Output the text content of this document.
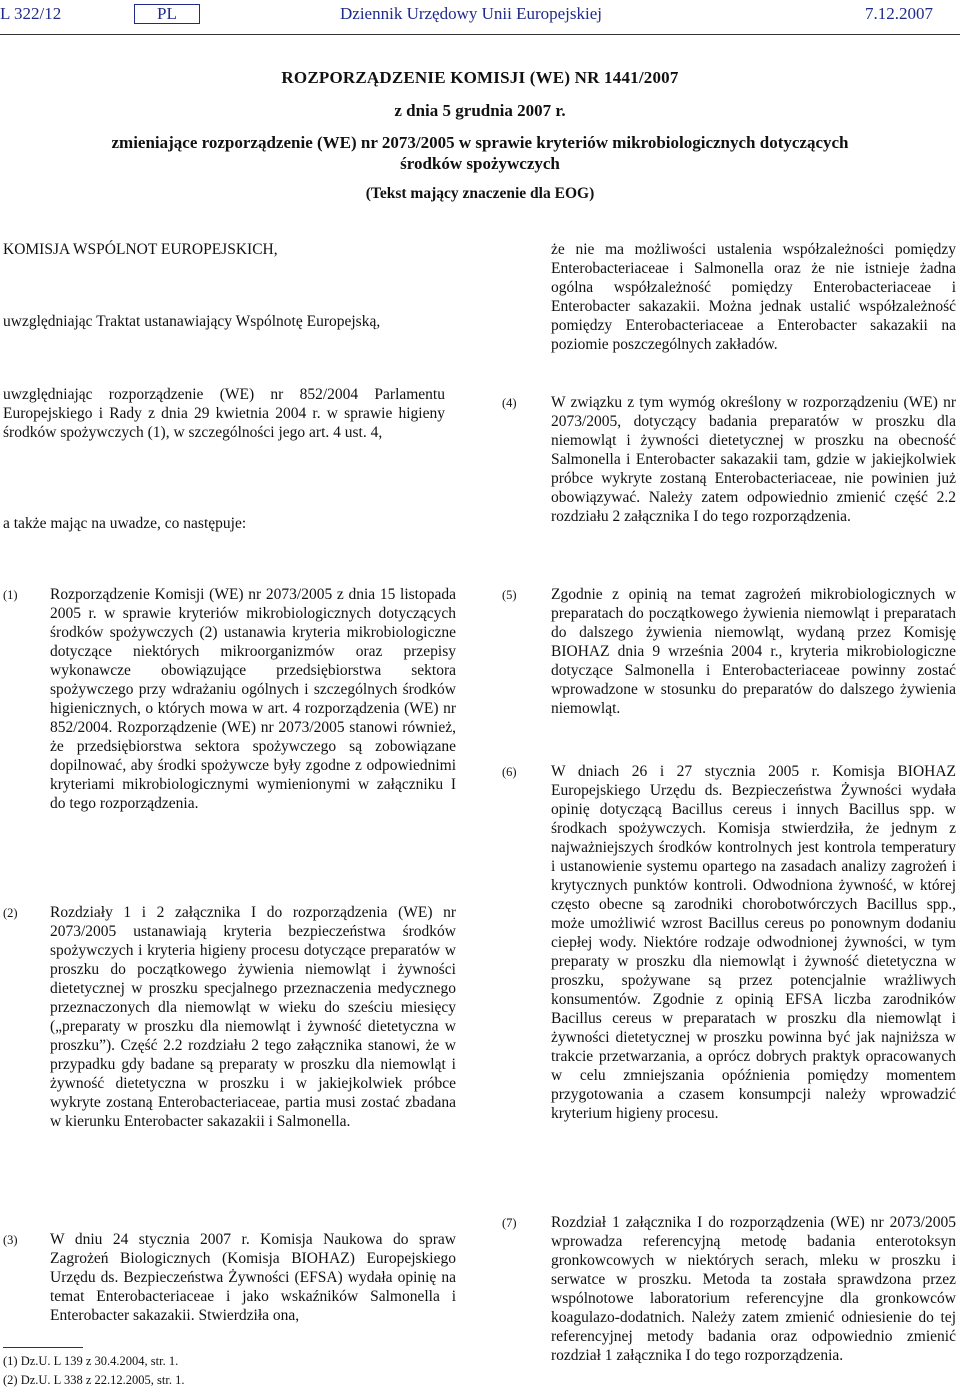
L 322/12	PL	Dziennik Urzędowy Unii Europejskiej	7.12.2007
ROZPORZĄDZENIE KOMISJI (WE) NR 1441/2007
z dnia 5 grudnia 2007 r.
zmieniające rozporządzenie (WE) nr 2073/2005 w sprawie kryteriów mikrobiologicznych dotyczących środków spożywczych
(Tekst mający znaczenie dla EOG)
KOMISJA WSPÓLNOT EUROPEJSKICH,
uwzględniając Traktat ustanawiający Wspólnotę Europejską,
uwzględniając rozporządzenie (WE) nr 852/2004 Parlamentu Europejskiego i Rady z dnia 29 kwietnia 2004 r. w sprawie higieny środków spożywczych (1), w szczególności jego art. 4 ust. 4,
a także mając na uwadze, co następuje:
(1) Rozporządzenie Komisji (WE) nr 2073/2005 z dnia 15 listopada 2005 r. w sprawie kryteriów mikrobiologicznych dotyczących środków spożywczych (2) ustanawia kryteria mikrobiologiczne dotyczące niektórych mikroorganizmów oraz przepisy wykonawcze obowiązujące przedsiębiorstwa sektora spożywczego przy wdrażaniu ogólnych i szczególnych środków higienicznych, o których mowa w art. 4 rozporządzenia (WE) nr 852/2004. Rozporządzenie (WE) nr 2073/2005 stanowi również, że przedsiębiorstwa sektora spożywczego są zobowiązane dopilnować, aby środki spożywcze były zgodne z odpowiednimi kryteriami mikrobiologicznymi wymienionymi w załączniku I do tego rozporządzenia.
(2) Rozdziały 1 i 2 załącznika I do rozporządzenia (WE) nr 2073/2005 ustanawiają kryteria bezpieczeństwa środków spożywczych i kryteria higieny procesu dotyczące preparatów w proszku do początkowego żywienia niemowląt i żywności dietetycznej w proszku specjalnego przeznaczenia medycznego przeznaczonych dla niemowląt w wieku do sześciu miesięcy („preparaty w proszku dla niemowląt i żywność dietetyczna w proszku”). Część 2.2 rozdziału 2 tego załącznika stanowi, że w przypadku gdy badane są preparaty w proszku dla niemowląt i żywność dietetyczna w proszku i w jakiejkolwiek próbce wykryte zostaną Enterobacteriaceae, partia musi zostać zbadana w kierunku Enterobacter sakazakii i Salmonella.
(3) W dniu 24 stycznia 2007 r. Komisja Naukowa do spraw Zagrożeń Biologicznych (Komisja BIOHAZ) Europejskiego Urzędu ds. Bezpieczeństwa Żywności (EFSA) wydała opinię na temat Enterobacteriaceae i jako wskaźników Salmonella i Enterobacter sakazakii. Stwierdziła ona,
(1) Dz.U. L 139 z 30.4.2004, str. 1.
(2) Dz.U. L 338 z 22.12.2005, str. 1.
że nie ma możliwości ustalenia współzależności pomiędzy Enterobacteriaceae i Salmonella oraz że nie istnieje żadna ogólna współzależność pomiędzy Enterobacteriaceae i Enterobacter sakazakii. Można jednak ustalić współzależność pomiędzy Enterobacteriaceae a Enterobacter sakazakii na poziomie poszczególnych zakładów.
(4) W związku z tym wymóg określony w rozporządzeniu (WE) nr 2073/2005, dotyczący badania preparatów w proszku dla niemowląt i żywności dietetycznej w proszku na obecność Salmonella i Enterobacter sakazakii tam, gdzie w jakiejkolwiek próbce wykryte zostaną Enterobacteriaceae, nie powinien już obowiązywać. Należy zatem odpowiednio zmienić część 2.2 rozdziału 2 załącznika I do tego rozporządzenia.
(5) Zgodnie z opinią na temat zagrożeń mikrobiologicznych w preparatach do początkowego żywienia niemowląt i preparatach do dalszego żywienia niemowląt, wydaną przez Komisję BIOHAZ dnia 9 września 2004 r., kryteria mikrobiologiczne dotyczące Salmonella i Enterobacteriaceae powinny zostać wprowadzone w stosunku do preparatów do dalszego żywienia niemowląt.
(6) W dniach 26 i 27 stycznia 2005 r. Komisja BIOHAZ Europejskiego Urzędu ds. Bezpieczeństwa Żywności wydała opinię dotyczącą Bacillus cereus i innych Bacillus spp. w środkach spożywczych. Komisja stwierdziła, że jednym z najważniejszych środków kontrolnych jest kontrola temperatury i ustanowienie systemu opartego na zasadach analizy zagrożeń i krytycznych punktów kontroli. Odwodniona żywność, w której często obecne są zarodniki chorobotwórczych Bacillus spp., może umożliwić wzrost Bacillus cereus po ponownym dodaniu ciepłej wody. Niektóre rodzaje odwodnionej żywności, w tym preparaty w proszku dla niemowląt i żywność dietetyczna w proszku, spożywane są przez potencjalnie wrażliwych konsumentów. Zgodnie z opinią EFSA liczba zarodników Bacillus cereus w preparatach w proszku dla niemowląt i żywności dietetycznej w proszku powinna być jak najniższa w trakcie przetwarzania, a oprócz dobrych praktyk opracowanych w celu zmniejszania opóźnienia pomiędzy momentem przygotowania a czasem konsumpcji należy wprowadzić kryterium higieny procesu.
(7) Rozdział 1 załącznika I do rozporządzenia (WE) nr 2073/2005 wprowadza referencyjną metodę badania enterotoksyn gronkowcowych w niektórych serach, mleku w proszku i serwatce w proszku. Metoda ta została sprawdzona przez wspólnotowe laboratorium referencyjne dla gronkowców koagulazo-dodatnich. Należy zatem zmienić odniesienie do tej referencyjnej metody badania oraz odpowiednio zmienić rozdział 1 załącznika I do tego rozporządzenia.
